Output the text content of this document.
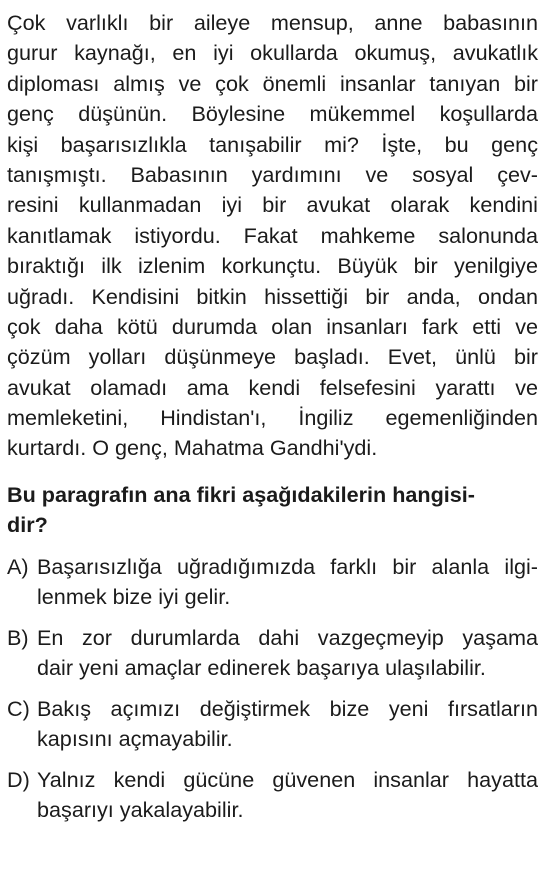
Çok varlıklı bir aileye mensup, anne babasının
gurur kaynağı, en iyi okullarda okumuş, avukatlık
diploması almış ve çok önemli insanlar tanıyan bir
genç düşünün. Böylesine mükemmel koşullarda
kişi başarısızlıkla tanışabilir mi? İşte, bu genç
tanışmıştı. Babasının yardımını ve sosyal çev-
resini kullanmadan iyi bir avukat olarak kendini
kanıtlamak istiyordu. Fakat mahkeme salonunda
bıraktığı ilk izlenim korkunçtu. Büyük bir yenilgiye
uğradı. Kendisini bitkin hissettiği bir anda, ondan
çok daha kötü durumda olan insanları fark etti ve
çözüm yolları düşünmeye başladı. Evet, ünlü bir
avukat olamadı ama kendi felsefesini yarattı ve
memleketini, Hindistan'ı, İngiliz egemenliğinden
kurtardı. O genç, Mahatma Gandhi'ydi.
Bu paragrafın ana fikri aşağıdakilerin hangisi-
dir?
A) Başarısızlığa uğradığımızda farklı bir alanla ilgi-
lenmek bize iyi gelir.
B) En zor durumlarda dahi vazgeçmeyip yaşama
dair yeni amaçlar edinerek başarıya ulaşılabilir.
C) Bakış açımızı değiştirmek bize yeni fırsatların
kapısını açmayabilir.
D) Yalnız kendi gücüne güvenen insanlar hayatta
başarıyı yakalayabilir.
